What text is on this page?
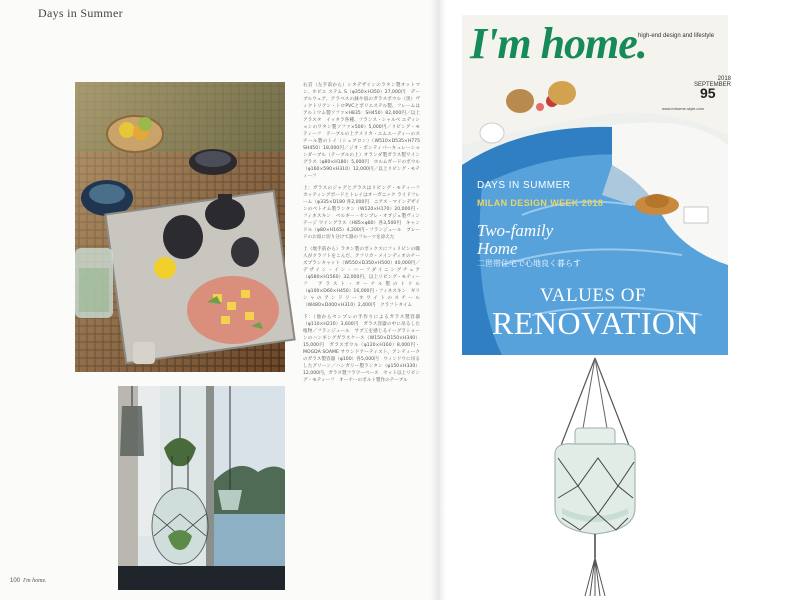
Days in Summer

右頁（左手前から）シタデザインのラタン製オットマン、ホビエ ステム S（φ350×H350）27,000円　デーブルウェア、アラベスの鉢や皿のガラスボウル（黒）ヴィクトリアン・トロPVCとポリエステル製、フレームはアルミウム製ソファ×H835：SH450）82,000円／以上アラスタ　イッタラ各種、フランス・シャルベ エディションのワタン製ソファ×500）5,000円／リビング・モティーフ　テーブルの上アメリカ・エムエーディーのスチール製のトイ（シェブロン）（W510×D535×H775　SH450）18,000円／ジオ・ポンティパーキュレーションダーブル（テーブルの上）オランダ製ガラス製ワイングラス（φ80×H180）5,000円　ホルムガードのボウル（φ160×590×H310）12,000円／以上リビング・モティーフ

上：ガラスのジャグとグラスはリビング・モティーフ　カッティングボードとトレイはオーガニック ライドフレーム（φ335×D180 各2,000円　ニアス・マインデザインのベトナム製ランタン（W120×H170）20,000円・フィネスキン　ベルギー・センプレ・オブジェ製ヴィンテージ ワイングラス（H85×φ80）各3,500円　キャンドル（φ80×H165）4,200円・フランジュール　ブレードのお皿に切り分けて器のフルーツを添えた

上（地手前から）ラタン製のボックスにフィリピンの職人がクラフトをこんだ、アフリカ・メインディオのチーズプランキャット（W550×D350×H500）40,000円／デザイン・イン・ハーフダイニングチェア（φ580×H1560）32,000円、以上リビング・モティーフ　アラスト・オーナル製のトリル（φ100×D60×H450）16,000円・フィネスキン　ギリシャのアンドリーホワイトのスチール（W480×D400×H310）2,400円　クラフトタイム

下：（他からセンプレの手作りによるガラス製容器（φ110×H210）3,600円　ガラス容器の中に吊るした植物／フランジュール　サブ工を感じるイーグラショーンのハンギングガラスケース（W150×D150×H340）15,000円　ガラスボウル（φ120×H160）8,000円・MOGDA SOAME サウンドアーティスト、アンティークのガラス製容器（φ100）各5,000円　ウィンドウに吊るしたグリーン／ハンガリー製ランタン（φ150×H330）12,000円、ガラス製フラワーベース　セット以上リビング・モティーフ　オーナーのボルト製作のテーブル

100 I'm home.
I'm home.
high-end design and lifestyle
2018 SEPTEMBER
95
www.imhome-style.com
DAYS IN SUMMER
MILAN DESIGN WEEK 2018
Two-family
Home
二世帯住宅で心地良く暮らす
VALUES OF
RENOVATION
